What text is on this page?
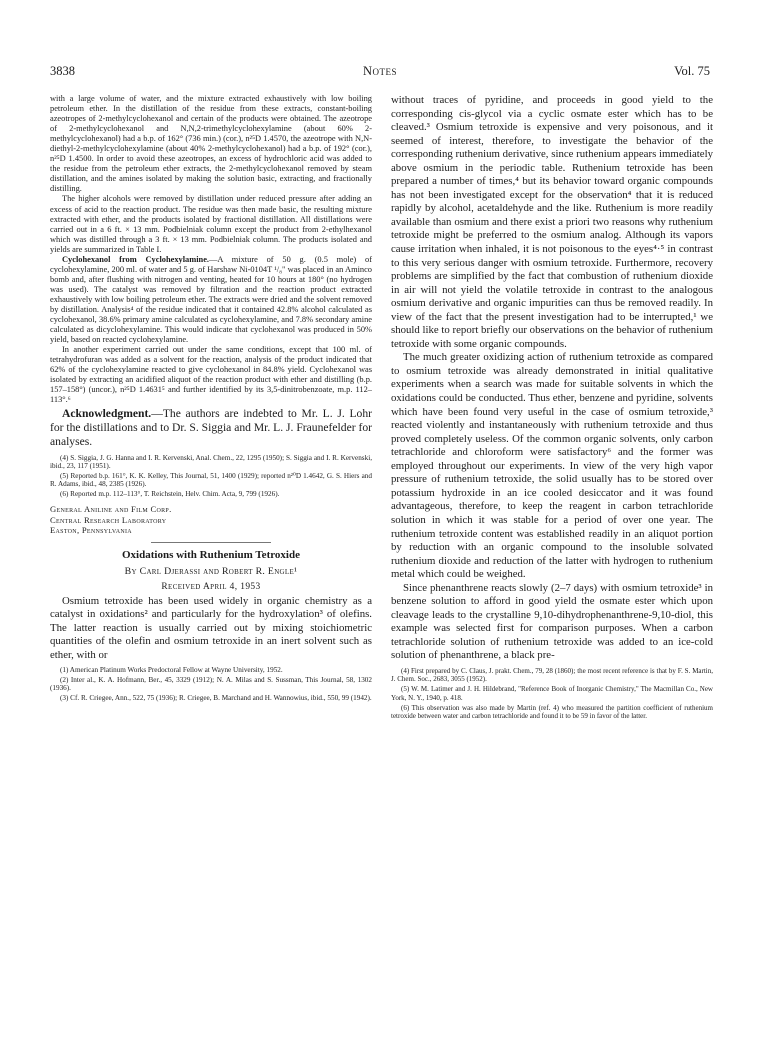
3838	Notes	Vol. 75

with a large volume of water, and the mixture extracted exhaustively with low boiling petroleum ether. In the distillation of the residue from these extracts, constant-boiling azeotropes of 2-methylcyclohexanol and certain of the products were obtained. The azeotrope of 2-methylcyclohexanol and N,N,2-trimethylcyclohexylamine (about 60% 2-methylcyclohexanol) had a b.p. of 162° (736 min.) (cor.), n²⁵D 1.4570, the azeotrope with N,N-diethyl-2-methylcyclohexylamine (about 40% 2-methylcyclohexanol) had a b.p. of 192° (cor.), n²⁵D 1.4500. In order to avoid these azeotropes, an excess of hydrochloric acid was added to the residue from the petroleum ether extracts, the 2-methylcyclohexanol removed by steam distillation, and the amines isolated by making the solution basic, extracting, and fractionally distilling.

The higher alcohols were removed by distillation under reduced pressure after adding an excess of acid to the reaction product. The residue was then made basic, the resulting mixture extracted with ether, and the products isolated by fractional distillation. All distillations were carried out in a 6 ft. × 13 mm. Podbielniak column except the product from 2-ethylhexanol which was distilled through a 3 ft. × 13 mm. Podbielniak column. The products isolated and yields are summarized in Table I.

Cyclohexanol from Cyclohexylamine.—A mixture of 50 g. (0.5 mole) of cyclohexylamine, 200 ml. of water and 5 g. of Harshaw Ni-0104T ¹/₈" was placed in an Aminco bomb and, after flushing with nitrogen and venting, heated for 10 hours at 180° (no hydrogen was used). The catalyst was removed by filtration and the reaction product extracted exhaustively with low boiling petroleum ether. The extracts were dried and the solvent removed by distillation. Analysis⁴ of the residue indicated that it contained 42.8% alcohol calculated as cyclohexanol, 38.6% primary amine calculated as cyclohexylamine, and 7.8% secondary amine calculated as dicyclohexylamine. This would indicate that cyclohexanol was produced in 50% yield, based on reacted cyclohexylamine.

In another experiment carried out under the same conditions, except that 100 ml. of tetrahydrofuran was added as a solvent for the reaction, analysis of the product indicated that 62% of the cyclohexylamine reacted to give cyclohexanol in 84.8% yield. Cyclohexanol was isolated by extracting an acidified aliquot of the reaction product with ether and distilling (b.p. 157–158°) (uncor.), n²⁵D 1.4631⁵ and further identified by its 3,5-dinitrobenzoate, m.p. 112–113°.⁶

Acknowledgment.—The authors are indebted to Mr. L. J. Lohr for the distillations and to Dr. S. Siggia and Mr. L. J. Fraunefelder for analyses.

(4) S. Siggia, J. G. Hanna and I. R. Kervenski, Anal. Chem., 22, 1295 (1950); S. Siggia and I. R. Kervenski, ibid., 23, 117 (1951).

(5) Reported b.p. 161°, K. K. Kelley, This Journal, 51, 1400 (1929); reported n²⁰D 1.4642, G. S. Hiers and R. Adams, ibid., 48, 2385 (1926).

(6) Reported m.p. 112–113°, T. Reichstein, Helv. Chim. Acta, 9, 799 (1926).

General Aniline and Film Corp.
Central Research Laboratory
Easton, Pennsylvania
Oxidations with Ruthenium Tetroxide
By Carl Djerassi and Robert R. Engle¹
Received April 4, 1953

Osmium tetroxide has been used widely in organic chemistry as a catalyst in oxidations² and particularly for the hydroxylation³ of olefins. The latter reaction is usually carried out by mixing stoichiometric quantities of the olefin and osmium tetroxide in an inert solvent such as ether, with or

(1) American Platinum Works Predoctoral Fellow at Wayne University, 1952.

(2) Inter al., K. A. Hofmann, Ber., 45, 3329 (1912); N. A. Milas and S. Sussman, This Journal, 58, 1302 (1936).

(3) Cf. R. Criegee, Ann., 522, 75 (1936); R. Criegee, B. Marchand and H. Wannowius, ibid., 550, 99 (1942).

without traces of pyridine, and proceeds in good yield to the corresponding cis-glycol via a cyclic osmate ester which has to be cleaved.³ Osmium tetroxide is expensive and very poisonous, and it seemed of interest, therefore, to investigate the behavior of the corresponding ruthenium derivative, since ruthenium appears immediately above osmium in the periodic table. Ruthenium tetroxide has been prepared a number of times,⁴ but its behavior toward organic compounds has not been investigated except for the observation⁴ that it is reduced rapidly by alcohol, acetaldehyde and the like. Ruthenium is more readily available than osmium and there exist a priori two reasons why ruthenium tetroxide might be preferred to the osmium analog. Although its vapors cause irritation when inhaled, it is not poisonous to the eyes⁴·⁵ in contrast to this very serious danger with osmium tetroxide. Furthermore, recovery problems are simplified by the fact that combustion of ruthenium dioxide in air will not yield the volatile tetroxide in contrast to the analogous osmium derivative and organic impurities can thus be removed readily. In view of the fact that the present investigation had to be interrupted,¹ we should like to report briefly our observations on the behavior of ruthenium tetroxide with some organic compounds.

The much greater oxidizing action of ruthenium tetroxide as compared to osmium tetroxide was already demonstrated in initial qualitative experiments when a search was made for suitable solvents in which the oxidations could be conducted. Thus ether, benzene and pyridine, solvents which have been found very useful in the case of osmium tetroxide,³ reacted violently and instantaneously with ruthenium tetroxide and thus proved completely useless. Of the common organic solvents, only carbon tetrachloride and chloroform were satisfactory⁶ and the former was employed throughout our experiments. In view of the very high vapor pressure of ruthenium tetroxide, the solid usually has to be stored over potassium hydroxide in an ice cooled desiccator and it was found advantageous, therefore, to keep the reagent in carbon tetrachloride solution in which it was stable for a period of over one year. The ruthenium tetroxide content was established readily in an aliquot portion by reduction with an organic compound to the insoluble solvated ruthenium dioxide and reduction of the latter with hydrogen to ruthenium metal which could be weighed.

Since phenanthrene reacts slowly (2–7 days) with osmium tetroxide³ in benzene solution to afford in good yield the osmate ester which upon cleavage leads to the crystalline 9,10-dihydrophenanthrene-9,10-diol, this example was selected first for comparison purposes. When a carbon tetrachloride solution of ruthenium tetroxide was added to an ice-cold solution of phenanthrene, a black pre-

(4) First prepared by C. Claus, J. prakt. Chem., 79, 28 (1860); the most recent reference is that by F. S. Martin, J. Chem. Soc., 2683, 3055 (1952).

(5) W. M. Latimer and J. H. Hildebrand, "Reference Book of Inorganic Chemistry," The Macmillan Co., New York, N. Y., 1940, p. 418.

(6) This observation was also made by Martin (ref. 4) who measured the partition coefficient of ruthenium tetroxide between water and carbon tetrachloride and found it to be 59 in favor of the latter.
